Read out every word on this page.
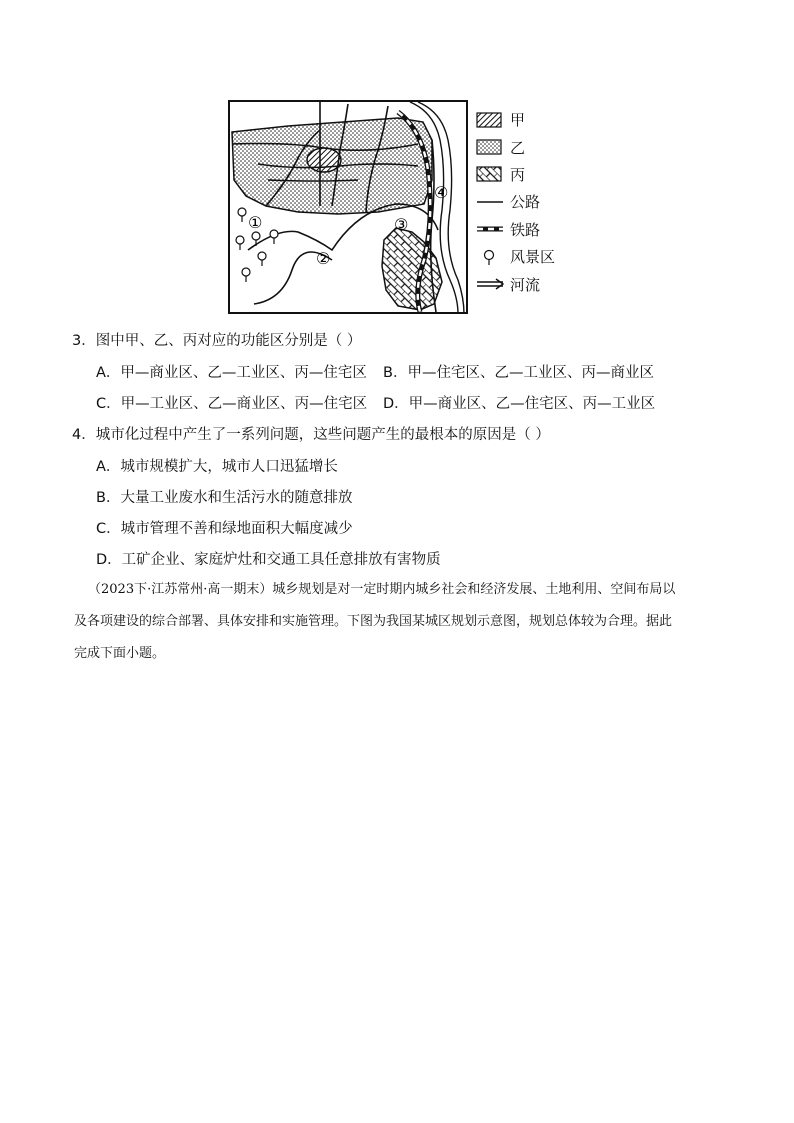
①
②
③
④
甲
乙
丙
公路
铁路
风景区
河流
3．图中甲、乙、丙对应的功能区分别是（ ）
A．甲—商业区、乙—工业区、丙—住宅区 B．甲—住宅区、乙—工业区、丙—商业区
C．甲—工业区、乙—商业区、丙—住宅区 D．甲—商业区、乙—住宅区、丙—工业区
4．城市化过程中产生了一系列问题，这些问题产生的最根本的原因是（ ）
A．城市规模扩大，城市人口迅猛增长
B．大量工业废水和生活污水的随意排放
C．城市管理不善和绿地面积大幅度减少
D．工矿企业、家庭炉灶和交通工具任意排放有害物质
（2023下·江苏常州·高一期末）城乡规划是对一定时期内城乡社会和经济发展、土地利用、空间布局以
及各项建设的综合部署、具体安排和实施管理。下图为我国某城区规划示意图，规划总体较为合理。据此
完成下面小题。
